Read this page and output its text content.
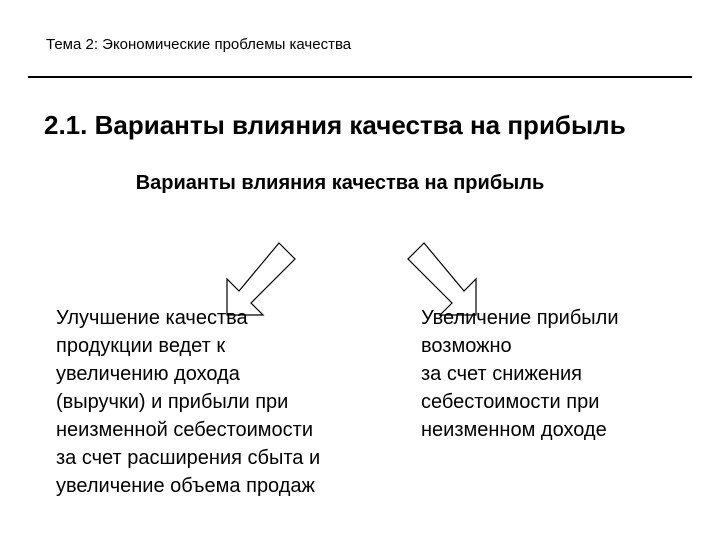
Тема 2: Экономические проблемы качества
2.1. Варианты влияния качества на прибыль
Варианты влияния качества на прибыль
Улучшение качества
продукции ведет к
увеличению дохода
(выручки) и прибыли при
неизменной себестоимости
за счет расширения сбыта и
увеличение объема продаж
Увеличение прибыли
возможно
за счет снижения
себестоимости при
неизменном доходе
